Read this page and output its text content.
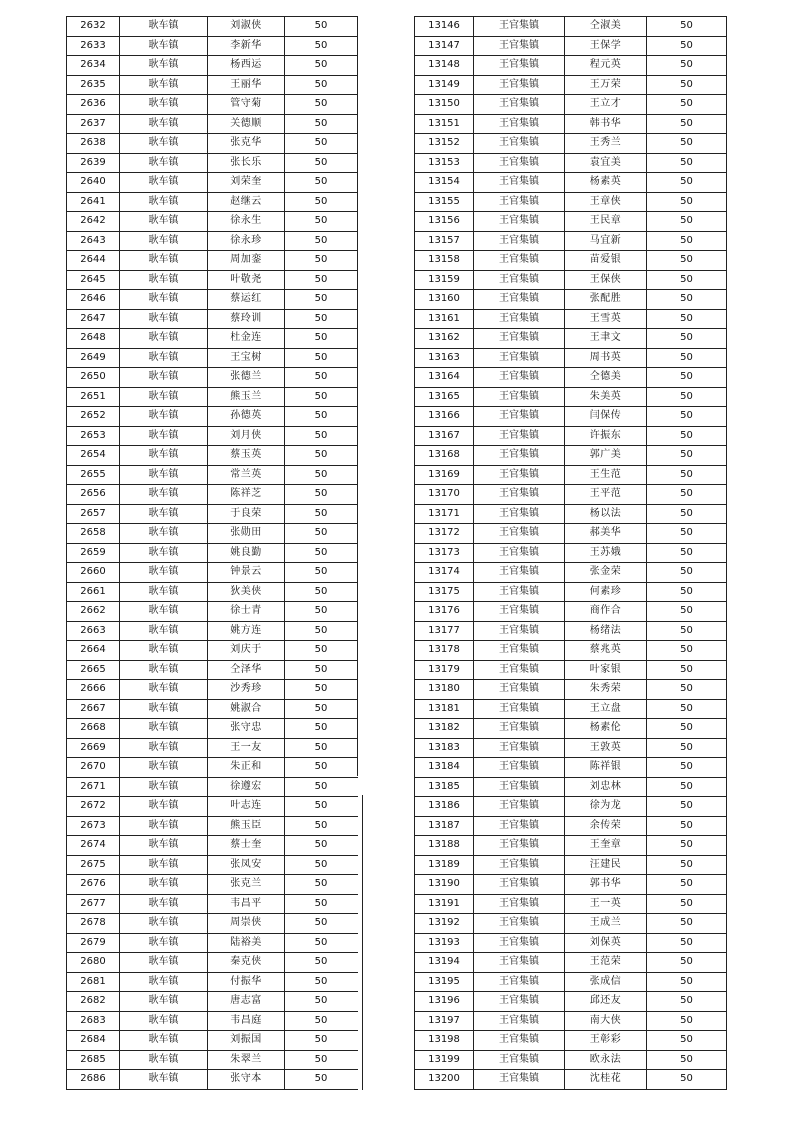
2632	耿车镇	刘淑侠	50
2633	耿车镇	李新华	50
2634	耿车镇	杨西运	50
2635	耿车镇	王丽华	50
2636	耿车镇	管守菊	50
2637	耿车镇	关德顺	50
2638	耿车镇	张克华	50
2639	耿车镇	张长乐	50
2640	耿车镇	刘荣奎	50
2641	耿车镇	赵继云	50
2642	耿车镇	徐永生	50
2643	耿车镇	徐永珍	50
2644	耿车镇	周加銮	50
2645	耿车镇	叶敬尧	50
2646	耿车镇	蔡运红	50
2647	耿车镇	蔡玲训	50
2648	耿车镇	杜金连	50
2649	耿车镇	王宝树	50
2650	耿车镇	张德兰	50
2651	耿车镇	熊玉兰	50
2652	耿车镇	孙德英	50
2653	耿车镇	刘月侠	50
2654	耿车镇	蔡玉英	50
2655	耿车镇	常兰英	50
2656	耿车镇	陈祥芝	50
2657	耿车镇	于良荣	50
2658	耿车镇	张勋田	50
2659	耿车镇	姚良勤	50
2660	耿车镇	钟景云	50
2661	耿车镇	狄美侠	50
2662	耿车镇	徐士青	50
2663	耿车镇	姚方连	50
2664	耿车镇	刘庆于	50
2665	耿车镇	仝泽华	50
2666	耿车镇	沙秀珍	50
2667	耿车镇	姚淑合	50
2668	耿车镇	张守忠	50
2669	耿车镇	王一友	50
2670	耿车镇	朱正和	50
2671	耿车镇	徐遵宏	50
2672	耿车镇	叶志连	50
2673	耿车镇	熊玉臣	50
2674	耿车镇	蔡士奎	50
2675	耿车镇	张凤安	50
2676	耿车镇	张克兰	50
2677	耿车镇	韦昌平	50
2678	耿车镇	周崇侠	50
2679	耿车镇	陆裕美	50
2680	耿车镇	秦克侠	50
2681	耿车镇	付振华	50
2682	耿车镇	唐志富	50
2683	耿车镇	韦昌庭	50
2684	耿车镇	刘振国	50
2685	耿车镇	朱翠兰	50
2686	耿车镇	张守本	50
13146	王官集镇	仝淑美	50
13147	王官集镇	王保学	50
13148	王官集镇	程元英	50
13149	王官集镇	王万荣	50
13150	王官集镇	王立才	50
13151	王官集镇	韩书华	50
13152	王官集镇	王秀兰	50
13153	王官集镇	袁宜美	50
13154	王官集镇	杨素英	50
13155	王官集镇	王章侠	50
13156	王官集镇	王民章	50
13157	王官集镇	马宜新	50
13158	王官集镇	苗爱银	50
13159	王官集镇	王保侠	50
13160	王官集镇	张配胜	50
13161	王官集镇	王雪英	50
13162	王官集镇	王聿文	50
13163	王官集镇	周书英	50
13164	王官集镇	仝德美	50
13165	王官集镇	朱美英	50
13166	王官集镇	闫保传	50
13167	王官集镇	许振东	50
13168	王官集镇	郭广美	50
13169	王官集镇	王生范	50
13170	王官集镇	王平范	50
13171	王官集镇	杨以法	50
13172	王官集镇	郝美华	50
13173	王官集镇	王苏娥	50
13174	王官集镇	张金荣	50
13175	王官集镇	何素珍	50
13176	王官集镇	商作合	50
13177	王官集镇	杨绪法	50
13178	王官集镇	蔡兆英	50
13179	王官集镇	叶家银	50
13180	王官集镇	朱秀荣	50
13181	王官集镇	王立盘	50
13182	王官集镇	杨素伦	50
13183	王官集镇	王敦英	50
13184	王官集镇	陈祥银	50
13185	王官集镇	刘忠林	50
13186	王官集镇	徐为龙	50
13187	王官集镇	余传荣	50
13188	王官集镇	王奎章	50
13189	王官集镇	汪建民	50
13190	王官集镇	郭书华	50
13191	王官集镇	王一英	50
13192	王官集镇	王成兰	50
13193	王官集镇	刘保英	50
13194	王官集镇	王范荣	50
13195	王官集镇	张成信	50
13196	王官集镇	邱还友	50
13197	王官集镇	南大侠	50
13198	王官集镇	王彰彩	50
13199	王官集镇	欧永法	50
13200	王官集镇	沈桂花	50
